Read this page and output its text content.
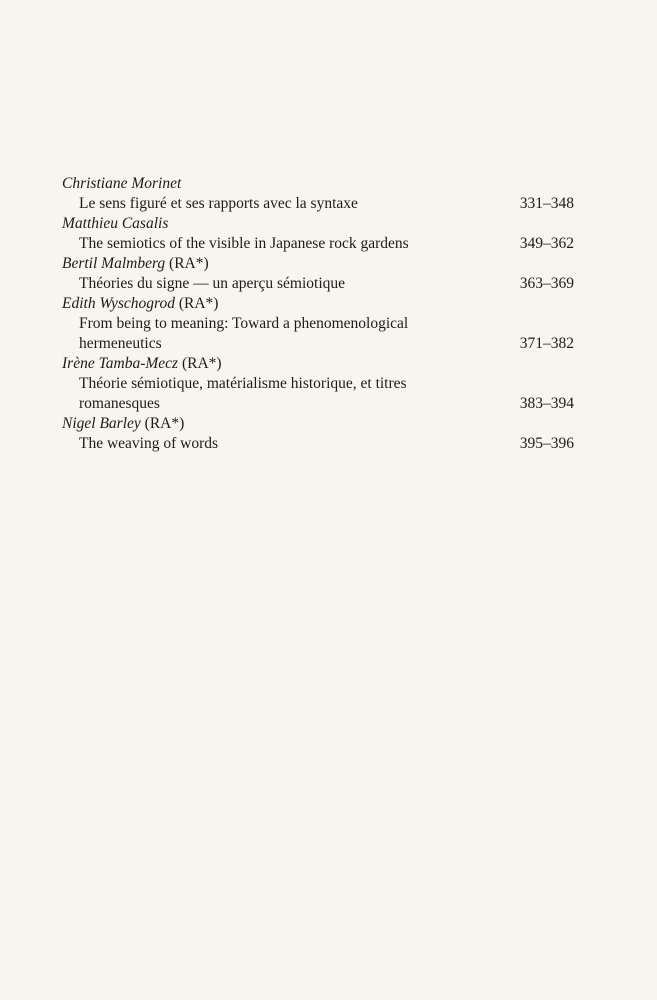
Christiane Morinet
Le sens figuré et ses rapports avec la syntaxe	331–348
Matthieu Casalis
The semiotics of the visible in Japanese rock gardens	349–362
Bertil Malmberg (RA*)
Théories du signe — un aperçu sémiotique	363–369
Edith Wyschogrod (RA*)
From being to meaning: Toward a phenomenological hermeneutics	371–382
Irène Tamba-Mecz (RA*)
Théorie sémiotique, matérialisme historique, et titres romanesques	383–394
Nigel Barley (RA*)
The weaving of words	395–396
